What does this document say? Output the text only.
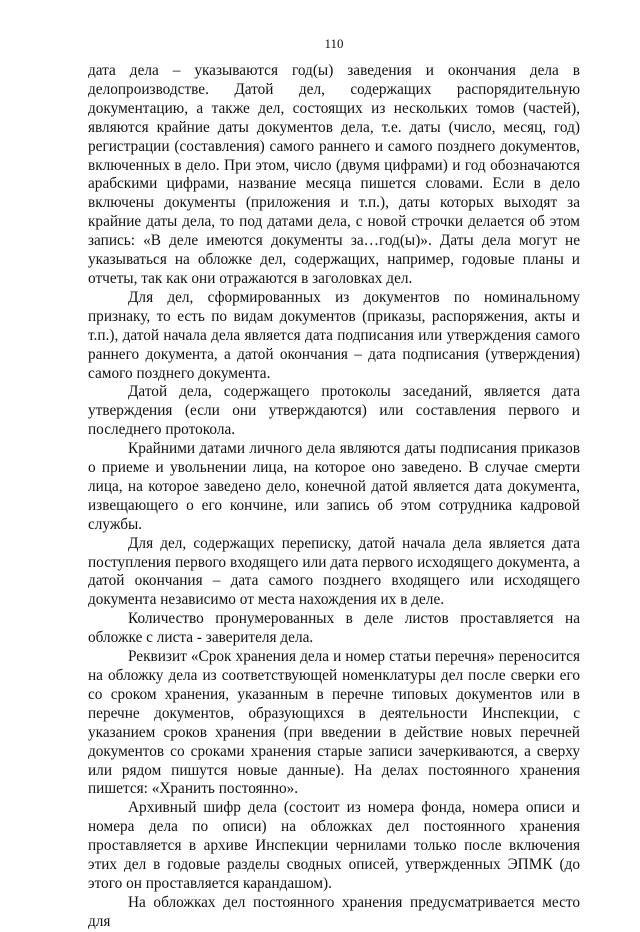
110

дата дела – указываются год(ы) заведения и окончания дела в делопроизводстве. Датой дел, содержащих распорядительную документацию, а также дел, состоящих из нескольких томов (частей), являются крайние даты документов дела, т.е. даты (число, месяц, год) регистрации (составления) самого раннего и самого позднего документов, включенных в дело. При этом, число (двумя цифрами) и год обозначаются арабскими цифрами, название месяца пишется словами. Если в дело включены документы (приложения и т.п.), даты которых выходят за крайние даты дела, то под датами дела, с новой строчки делается об этом запись: «В деле имеются документы за…год(ы)». Даты дела могут не указываться на обложке дел, содержащих, например, годовые планы и отчеты, так как они отражаются в заголовках дел.

Для дел, сформированных из документов по номинальному признаку, то есть по видам документов (приказы, распоряжения, акты и т.п.), датой начала дела является дата подписания или утверждения самого раннего документа, а датой окончания – дата подписания (утверждения) самого позднего документа.

Датой дела, содержащего протоколы заседаний, является дата утверждения (если они утверждаются) или составления первого и последнего протокола.

Крайними датами личного дела являются даты подписания приказов о приеме и увольнении лица, на которое оно заведено. В случае смерти лица, на которое заведено дело, конечной датой является дата документа, извещающего о его кончине, или запись об этом сотрудника кадровой службы.

Для дел, содержащих переписку, датой начала дела является дата поступления первого входящего или дата первого исходящего документа, а датой окончания – дата самого позднего входящего или исходящего документа независимо от места нахождения их в деле.

Количество пронумерованных в деле листов проставляется на обложке с листа - заверителя дела.

Реквизит «Срок хранения дела и номер статьи перечня» переносится на обложку дела из соответствующей номенклатуры дел после сверки его со сроком хранения, указанным в перечне типовых документов или в перечне документов, образующихся в деятельности Инспекции, с указанием сроков хранения (при введении в действие новых перечней документов со сроками хранения старые записи зачеркиваются, а сверху или рядом пишутся новые данные). На делах постоянного хранения пишется: «Хранить постоянно».

Архивный шифр дела (состоит из номера фонда, номера описи и номера дела по описи) на обложках дел постоянного хранения проставляется в архиве Инспекции чернилами только после включения этих дел в годовые разделы сводных описей, утвержденных ЭПМК (до этого он проставляется карандашом).

На обложках дел постоянного хранения предусматривается место для
